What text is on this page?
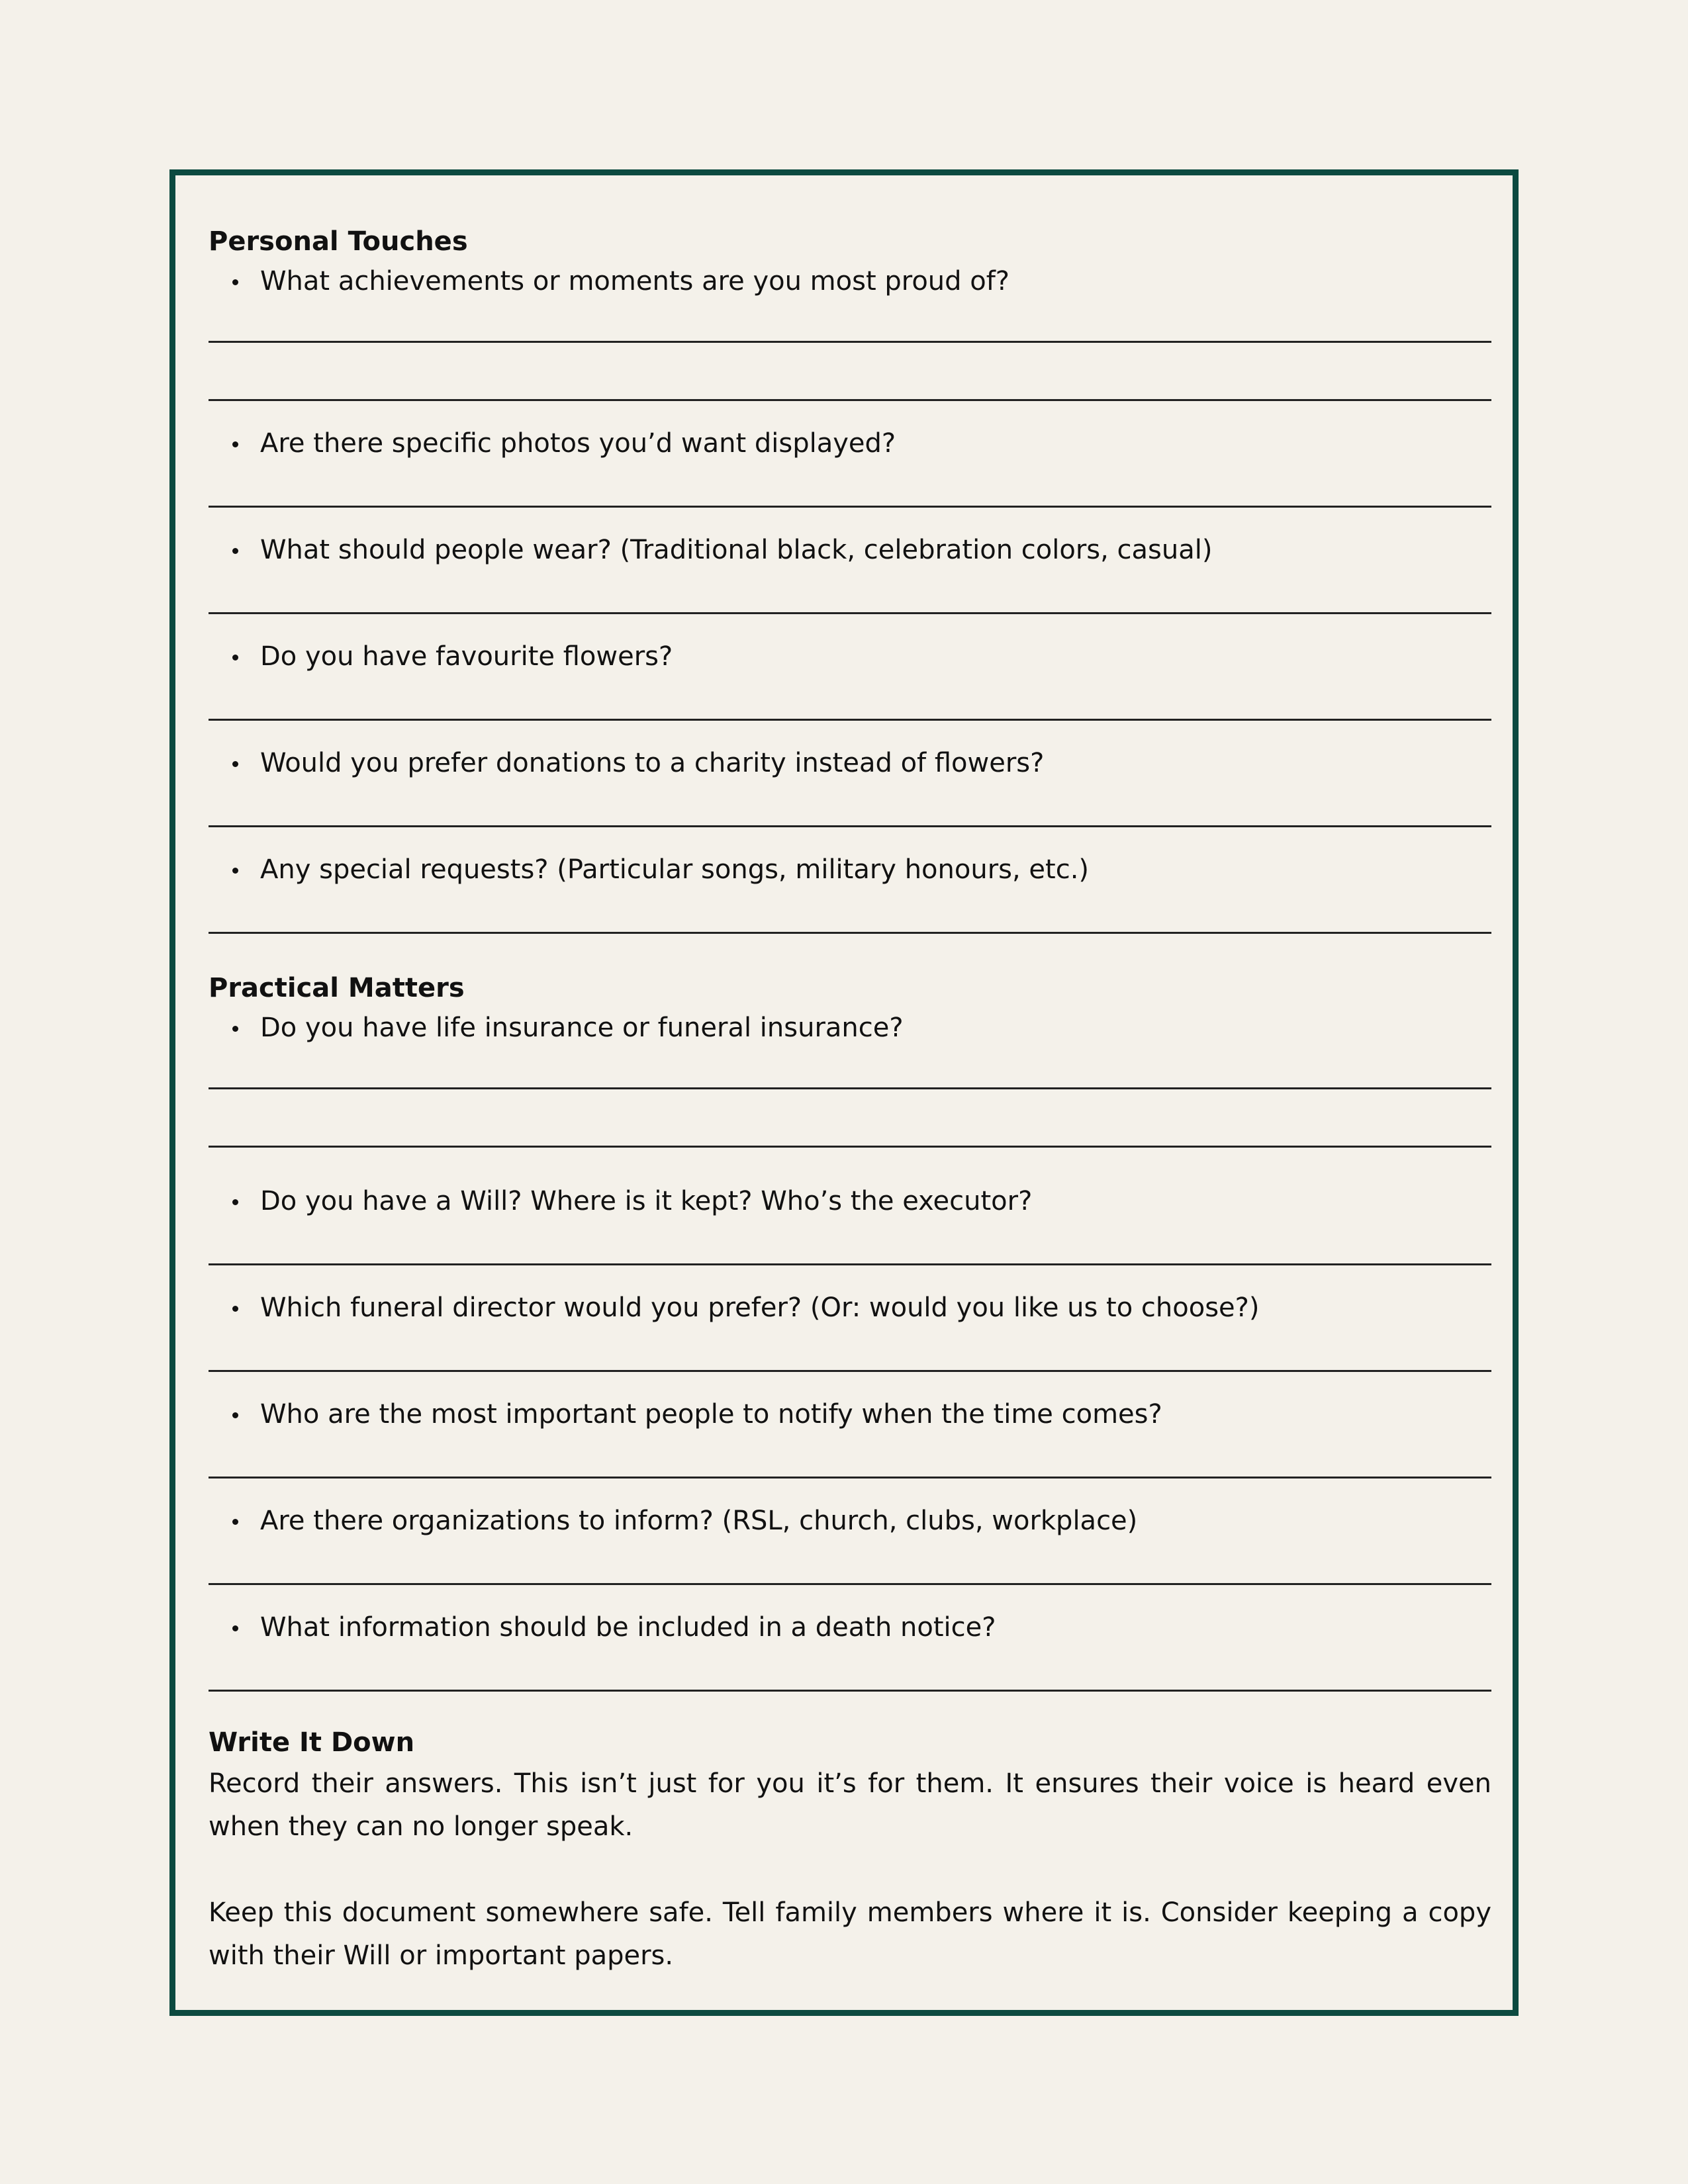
Personal Touches
What achievements or moments are you most proud of?
Are there specific photos you’d want displayed?
What should people wear? (Traditional black, celebration colors, casual)
Do you have favourite flowers?
Would you prefer donations to a charity instead of flowers?
Any special requests? (Particular songs, military honours, etc.)
Practical Matters
Do you have life insurance or funeral insurance?
Do you have a Will? Where is it kept? Who’s the executor?
Which funeral director would you prefer? (Or: would you like us to choose?)
Who are the most important people to notify when the time comes?
Are there organizations to inform? (RSL, church, clubs, workplace)
What information should be included in a death notice?
Write It Down

Record their answers. This isn’t just for you it’s for them. It ensures their voice is heard even when they can no longer speak.

Keep this document somewhere safe. Tell family members where it is. Consider keeping a copy with their Will or important papers.
